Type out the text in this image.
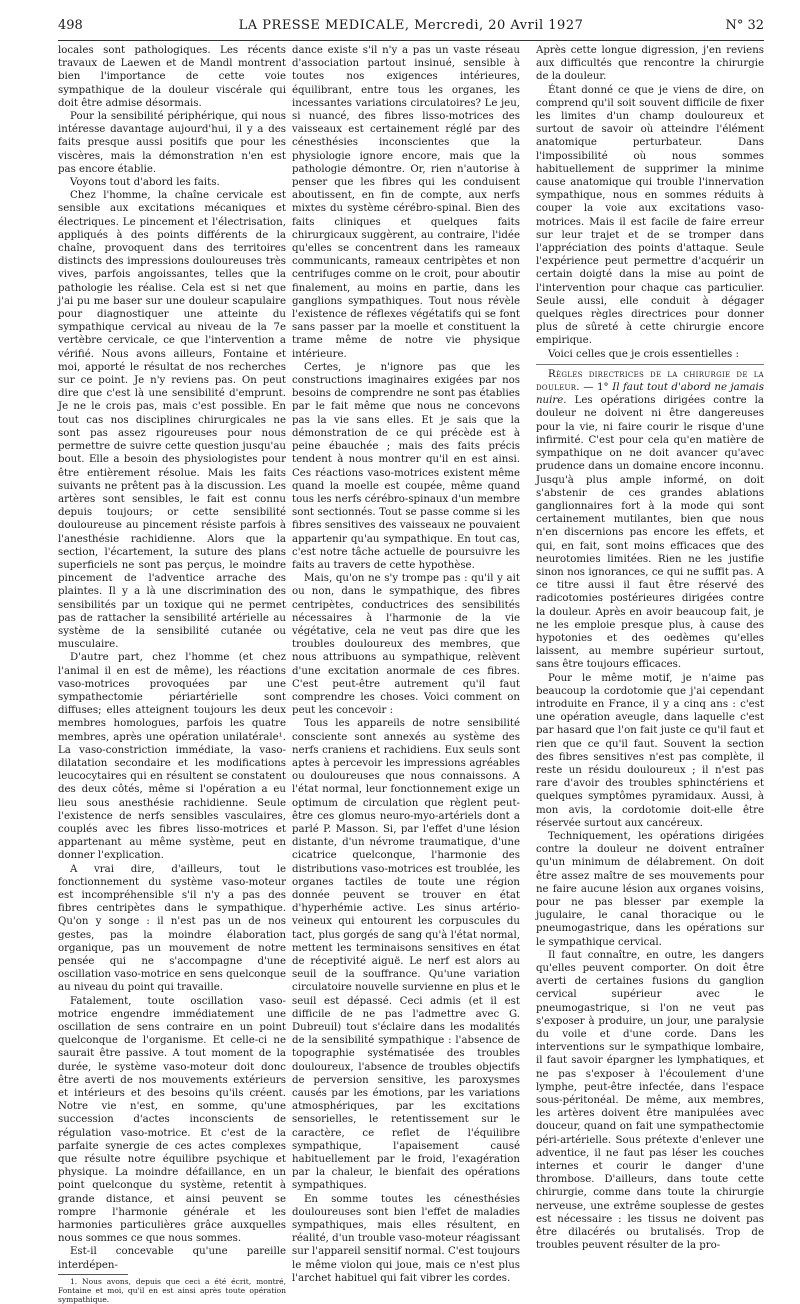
498	LA PRESSE MEDICALE, Mercredi, 20 Avril 1927	N° 32

locales sont pathologiques. Les récents travaux de Laewen et de Mandl montrent bien l'importance de cette voie sympathique de la douleur viscérale qui doit être admise désormais.

Pour la sensibilité périphérique, qui nous intéresse davantage aujourd'hui, il y a des faits presque aussi positifs que pour les viscères, mais la démonstration n'en est pas encore établie.

Voyons tout d'abord les faits.

Chez l'homme, la chaîne cervicale est sensible aux excitations mécaniques et électriques. Le pincement et l'électrisation, appliqués à des points différents de la chaîne, provoquent dans des territoires distincts des impressions douloureuses très vives, parfois angoissantes, telles que la pathologie les réalise. Cela est si net que j'ai pu me baser sur une douleur scapulaire pour diagnostiquer une atteinte du sympathique cervical au niveau de la 7e vertèbre cervicale, ce que l'intervention a vérifié. Nous avons ailleurs, Fontaine et moi, apporté le résultat de nos recherches sur ce point. Je n'y reviens pas. On peut dire que c'est là une sensibilité d'emprunt. Je ne le crois pas, mais c'est possible. En tout cas nos disciplines chirurgicales ne sont pas assez rigoureuses pour nous permettre de suivre cette question jusqu'au bout. Elle a besoin des physiologistes pour être entièrement résolue. Mais les faits suivants ne prêtent pas à la discussion. Les artères sont sensibles, le fait est connu depuis toujours; or cette sensibilité douloureuse au pincement résiste parfois à l'anesthésie rachidienne. Alors que la section, l'écartement, la suture des plans superficiels ne sont pas perçus, le moindre pincement de l'adventice arrache des plaintes. Il y a là une discrimination des sensibilités par un toxique qui ne permet pas de rattacher la sensibilité artérielle au système de la sensibilité cutanée ou musculaire.

D'autre part, chez l'homme (et chez l'animal il en est de même), les réactions vaso-motrices provoquées par une sympathectomie périartérielle sont diffuses; elles atteignent toujours les deux membres homologues, parfois les quatre membres, après une opération unilatérale¹. La vaso-constriction immédiate, la vaso-dilatation secondaire et les modifications leucocytaires qui en résultent se constatent des deux côtés, même si l'opération a eu lieu sous anesthésie rachidienne. Seule l'existence de nerfs sensibles vasculaires, couplés avec les fibres lisso-motrices et appartenant au même système, peut en donner l'explication.

A vrai dire, d'ailleurs, tout le fonctionnement du système vaso-moteur est incompréhensible s'il n'y a pas des fibres centripètes dans le sympathique. Qu'on y songe : il n'est pas un de nos gestes, pas la moindre élaboration organique, pas un mouvement de notre pensée qui ne s'accompagne d'une oscillation vaso-motrice en sens quelconque au niveau du point qui travaille.

Fatalement, toute oscillation vaso-motrice engendre immédiatement une oscillation de sens contraire en un point quelconque de l'organisme. Et celle-ci ne saurait être passive. A tout moment de la durée, le système vaso-moteur doit donc être averti de nos mouvements extérieurs et intérieurs et des besoins qu'ils créent. Notre vie n'est, en somme, qu'une succession d'actes inconscients de régulation vaso-motrice. Et c'est de la parfaite synergie de ces actes complexes que résulte notre équilibre psychique et physique. La moindre défaillance, en un point quelconque du système, retentit à grande distance, et ainsi peuvent se rompre l'harmonie générale et les harmonies particulières grâce auxquelles nous sommes ce que nous sommes.

Est-il concevable qu'une pareille interdépen-

1. Nous avons, depuis que ceci a été écrit, montré, Fontaine et moi, qu'il en est ainsi après toute opération sympathique.

dance existe s'il n'y a pas un vaste réseau d'association partout insinué, sensible à toutes nos exigences intérieures, équilibrant, entre tous les organes, les incessantes variations circulatoires? Le jeu, si nuancé, des fibres lisso-motrices des vaisseaux est certainement réglé par des cénesthésies inconscientes que la physiologie ignore encore, mais que la pathologie démontre. Or, rien n'autorise à penser que les fibres qui les conduisent aboutissent, en fin de compte, aux nerfs mixtes du système cérébro-spinal. Bien des faits cliniques et quelques faits chirurgicaux suggèrent, au contraire, l'idée qu'elles se concentrent dans les rameaux communicants, rameaux centripètes et non centrifuges comme on le croit, pour aboutir finalement, au moins en partie, dans les ganglions sympathiques. Tout nous révèle l'existence de réflexes végétatifs qui se font sans passer par la moelle et constituent la trame même de notre vie physique intérieure.

Certes, je n'ignore pas que les constructions imaginaires exigées par nos besoins de comprendre ne sont pas établies par le fait même que nous ne concevons pas la vie sans elles. Et je sais que la démonstration de ce qui précède est à peine ébauchée ; mais des faits précis tendent à nous montrer qu'il en est ainsi. Ces réactions vaso-motrices existent même quand la moelle est coupée, même quand tous les nerfs cérébro-spinaux d'un membre sont sectionnés. Tout se passe comme si les fibres sensitives des vaisseaux ne pouvaient appartenir qu'au sympathique. En tout cas, c'est notre tâche actuelle de poursuivre les faits au travers de cette hypothèse.

Mais, qu'on ne s'y trompe pas : qu'il y ait ou non, dans le sympathique, des fibres centripètes, conductrices des sensibilités nécessaires à l'harmonie de la vie végétative, cela ne veut pas dire que les troubles douloureux des membres, que nous attribuons au sympathique, relèvent d'une excitation anormale de ces fibres. C'est peut-être autrement qu'il faut comprendre les choses. Voici comment on peut les concevoir :

Tous les appareils de notre sensibilité consciente sont annexés au système des nerfs craniens et rachidiens. Eux seuls sont aptes à percevoir les impressions agréables ou douloureuses que nous connaissons. A l'état normal, leur fonctionnement exige un optimum de circulation que règlent peut-être ces glomus neuro-myo-artériels dont a parlé P. Masson. Si, par l'effet d'une lésion distante, d'un névrome traumatique, d'une cicatrice quelconque, l'harmonie des distributions vaso-motrices est troublée, les organes tactiles de toute une région donnée peuvent se trouver en état d'hyperhémie active. Les sinus artério-veineux qui entourent les corpuscules du tact, plus gorgés de sang qu'à l'état normal, mettent les terminaisons sensitives en état de réceptivité aiguë. Le nerf est alors au seuil de la souffrance. Qu'une variation circulatoire nouvelle survienne en plus et le seuil est dépassé. Ceci admis (et il est difficile de ne pas l'admettre avec G. Dubreuil) tout s'éclaire dans les modalités de la sensibilité sympathique : l'absence de topographie systématisée des troubles douloureux, l'absence de troubles objectifs de perversion sensitive, les paroxysmes causés par les émotions, par les variations atmosphériques, par les excitations sensorielles, le retentissement sur le caractère, ce reflet de l'équilibre sympathique, l'apaisement causé habituellement par le froid, l'exagération par la chaleur, le bienfait des opérations sympathiques.

En somme toutes les cénesthésies douloureuses sont bien l'effet de maladies sympathiques, mais elles résultent, en réalité, d'un trouble vaso-moteur réagissant sur l'appareil sensitif normal. C'est toujours le même violon qui joue, mais ce n'est plus l'archet habituel qui fait vibrer les cordes.

Après cette longue digression, j'en reviens aux difficultés que rencontre la chirurgie de la douleur.

Étant donné ce que je viens de dire, on comprend qu'il soit souvent difficile de fixer les limites d'un champ douloureux et surtout de savoir où atteindre l'élément anatomique perturbateur. Dans l'impossibilité où nous sommes habituellement de supprimer la minime cause anatomique qui trouble l'innervation sympathique, nous en sommes réduits à couper la voie aux excitations vaso-motrices. Mais il est facile de faire erreur sur leur trajet et de se tromper dans l'appréciation des points d'attaque. Seule l'expérience peut permettre d'acquérir un certain doigté dans la mise au point de l'intervention pour chaque cas particulier. Seule aussi, elle conduit à dégager quelques règles directrices pour donner plus de sûreté à cette chirurgie encore empirique.

Voici celles que je crois essentielles :

Règles directrices de la chirurgie de la douleur. — 1° Il faut tout d'abord ne jamais nuire. Les opérations dirigées contre la douleur ne doivent ni être dangereuses pour la vie, ni faire courir le risque d'une infirmité. C'est pour cela qu'en matière de sympathique on ne doit avancer qu'avec prudence dans un domaine encore inconnu. Jusqu'à plus ample informé, on doit s'abstenir de ces grandes ablations ganglionnaires fort à la mode qui sont certainement mutilantes, bien que nous n'en discernions pas encore les effets, et qui, en fait, sont moins efficaces que des neurotomies limitées. Rien ne les justifie sinon nos ignorances, ce qui ne suffit pas. A ce titre aussi il faut être réservé des radicotomies postérieures dirigées contre la douleur. Après en avoir beaucoup fait, je ne les emploie presque plus, à cause des hypotonies et des oedèmes qu'elles laissent, au membre supérieur surtout, sans être toujours efficaces.

Pour le même motif, je n'aime pas beaucoup la cordotomie que j'ai cependant introduite en France, il y a cinq ans : c'est une opération aveugle, dans laquelle c'est par hasard que l'on fait juste ce qu'il faut et rien que ce qu'il faut. Souvent la section des fibres sensitives n'est pas complète, il reste un résidu douloureux ; il n'est pas rare d'avoir des troubles sphinctériens et quelques symptômes pyramidaux. Aussi, à mon avis, la cordotomie doit-elle être réservée surtout aux cancéreux.

Techniquement, les opérations dirigées contre la douleur ne doivent entraîner qu'un minimum de délabrement. On doit être assez maître de ses mouvements pour ne faire aucune lésion aux organes voisins, pour ne pas blesser par exemple la jugulaire, le canal thoracique ou le pneumogastrique, dans les opérations sur le sympathique cervical.

Il faut connaître, en outre, les dangers qu'elles peuvent comporter. On doit être averti de certaines fusions du ganglion cervical supérieur avec le pneumogastrique, si l'on ne veut pas s'exposer à produire, un jour, une paralysie du voile et d'une corde. Dans les interventions sur le sympathique lombaire, il faut savoir épargner les lymphatiques, et ne pas s'exposer à l'écoulement d'une lymphe, peut-être infectée, dans l'espace sous-péritonéal. De même, aux membres, les artères doivent être manipulées avec douceur, quand on fait une sympathectomie péri-artérielle. Sous prétexte d'enlever une adventice, il ne faut pas léser les couches internes et courir le danger d'une thrombose. D'ailleurs, dans toute cette chirurgie, comme dans toute la chirurgie nerveuse, une extrême souplesse de gestes est nécessaire : les tissus ne doivent pas être dilacérés ou brutalisés. Trop de troubles peuvent résulter de la pro-
